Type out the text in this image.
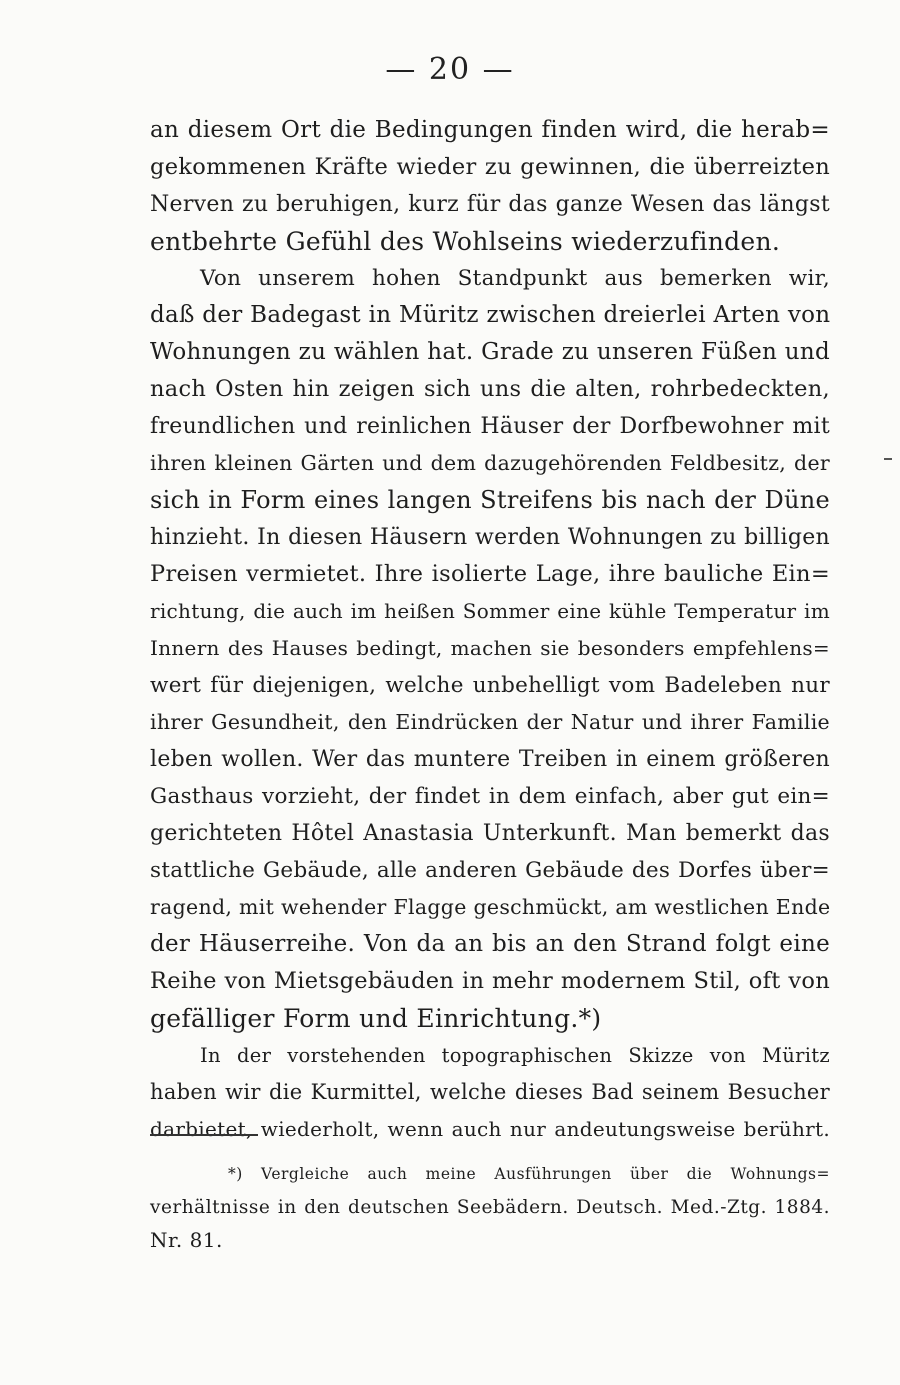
— 20 —
an diesem Ort die Bedingungen finden wird, die herab=
gekommenen Kräfte wieder zu gewinnen, die überreizten
Nerven zu beruhigen, kurz für das ganze Wesen das längst
entbehrte Gefühl des Wohlseins wiederzufinden.
Von unserem hohen Standpunkt aus bemerken wir,
daß der Badegast in Müritz zwischen dreierlei Arten von
Wohnungen zu wählen hat. Grade zu unseren Füßen und
nach Osten hin zeigen sich uns die alten, rohrbedeckten,
freundlichen und reinlichen Häuser der Dorfbewohner mit
ihren kleinen Gärten und dem dazugehörenden Feldbesitz, der
sich in Form eines langen Streifens bis nach der Düne
hinzieht. In diesen Häusern werden Wohnungen zu billigen
Preisen vermietet. Ihre isolierte Lage, ihre bauliche Ein=
richtung, die auch im heißen Sommer eine kühle Temperatur im
Innern des Hauses bedingt, machen sie besonders empfehlens=
wert für diejenigen, welche unbehelligt vom Badeleben nur
ihrer Gesundheit, den Eindrücken der Natur und ihrer Familie
leben wollen. Wer das muntere Treiben in einem größeren
Gasthaus vorzieht, der findet in dem einfach, aber gut ein=
gerichteten Hôtel Anastasia Unterkunft. Man bemerkt das
stattliche Gebäude, alle anderen Gebäude des Dorfes über=
ragend, mit wehender Flagge geschmückt, am westlichen Ende
der Häuserreihe. Von da an bis an den Strand folgt eine
Reihe von Mietsgebäuden in mehr modernem Stil, oft von
gefälliger Form und Einrichtung.*)
In der vorstehenden topographischen Skizze von Müritz
haben wir die Kurmittel, welche dieses Bad seinem Besucher
darbietet, wiederholt, wenn auch nur andeutungsweise berührt.
*) Vergleiche auch meine Ausführungen über die Wohnungs=
verhältnisse in den deutschen Seebädern. Deutsch. Med.-Ztg. 1884.
Nr. 81.
